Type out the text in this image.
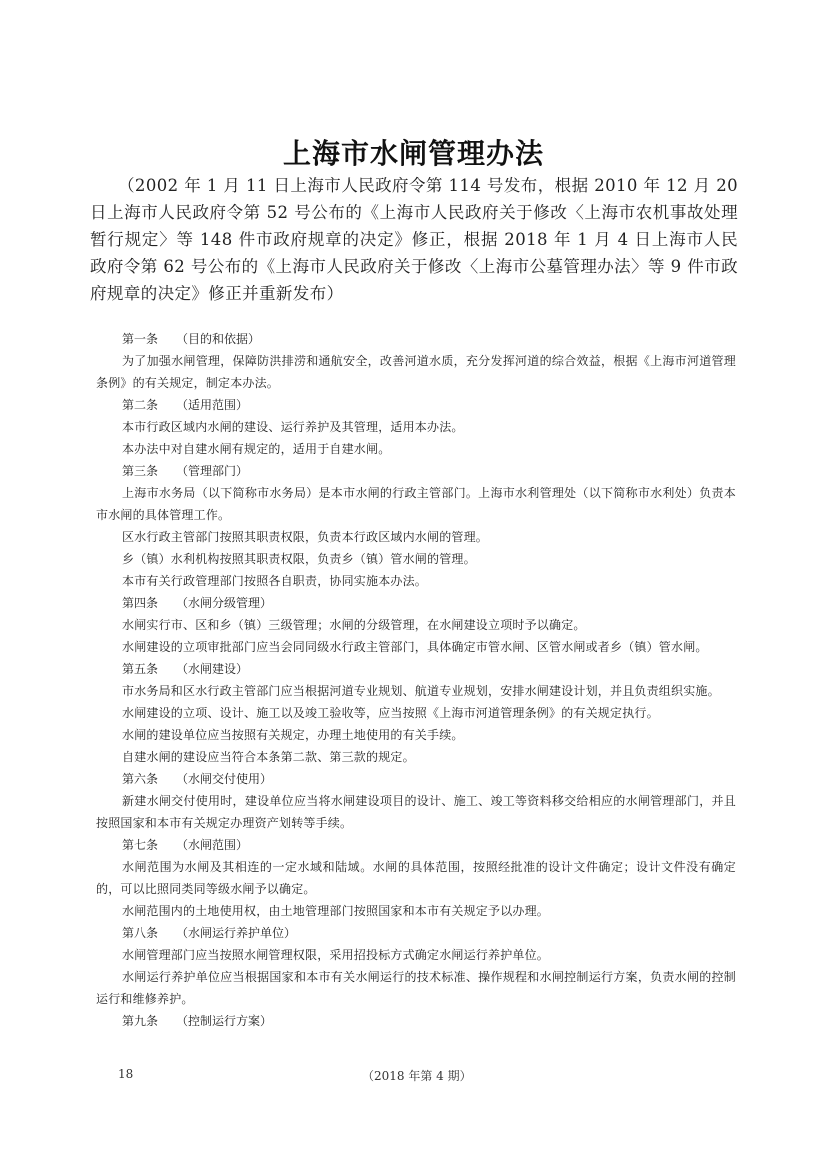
上海市水闸管理办法
（2002 年 1 月 11 日上海市人民政府令第 114 号发布，根据 2010 年 12 月 20 日上海市人民政府令第 52 号公布的《上海市人民政府关于修改〈上海市农机事故处理暂行规定〉等 148 件市政府规章的决定》修正，根据 2018 年 1 月 4 日上海市人民政府令第 62 号公布的《上海市人民政府关于修改〈上海市公墓管理办法〉等 9 件市政府规章的决定》修正并重新发布）
第一条 （目的和依据）
为了加强水闸管理，保障防洪排涝和通航安全，改善河道水质，充分发挥河道的综合效益，根据《上海市河道管理条例》的有关规定，制定本办法。
第二条 （适用范围）
本市行政区域内水闸的建设、运行养护及其管理，适用本办法。
本办法中对自建水闸有规定的，适用于自建水闸。
第三条 （管理部门）
上海市水务局（以下简称市水务局）是本市水闸的行政主管部门。上海市水利管理处（以下简称市水利处）负责本市水闸的具体管理工作。
区水行政主管部门按照其职责权限，负责本行政区域内水闸的管理。
乡（镇）水利机构按照其职责权限，负责乡（镇）管水闸的管理。
本市有关行政管理部门按照各自职责，协同实施本办法。
第四条 （水闸分级管理）
水闸实行市、区和乡（镇）三级管理；水闸的分级管理，在水闸建设立项时予以确定。
水闸建设的立项审批部门应当会同同级水行政主管部门，具体确定市管水闸、区管水闸或者乡（镇）管水闸。
第五条 （水闸建设）
市水务局和区水行政主管部门应当根据河道专业规划、航道专业规划，安排水闸建设计划，并且负责组织实施。
水闸建设的立项、设计、施工以及竣工验收等，应当按照《上海市河道管理条例》的有关规定执行。
水闸的建设单位应当按照有关规定，办理土地使用的有关手续。
自建水闸的建设应当符合本条第二款、第三款的规定。
第六条 （水闸交付使用）
新建水闸交付使用时，建设单位应当将水闸建设项目的设计、施工、竣工等资料移交给相应的水闸管理部门，并且按照国家和本市有关规定办理资产划转等手续。
第七条 （水闸范围）
水闸范围为水闸及其相连的一定水域和陆域。水闸的具体范围，按照经批准的设计文件确定；设计文件没有确定的，可以比照同类同等级水闸予以确定。
水闸范围内的土地使用权，由土地管理部门按照国家和本市有关规定予以办理。
第八条 （水闸运行养护单位）
水闸管理部门应当按照水闸管理权限，采用招投标方式确定水闸运行养护单位。
水闸运行养护单位应当根据国家和本市有关水闸运行的技术标准、操作规程和水闸控制运行方案，负责水闸的控制运行和维修养护。
第九条 （控制运行方案）
18	（2018 年第 4 期）
